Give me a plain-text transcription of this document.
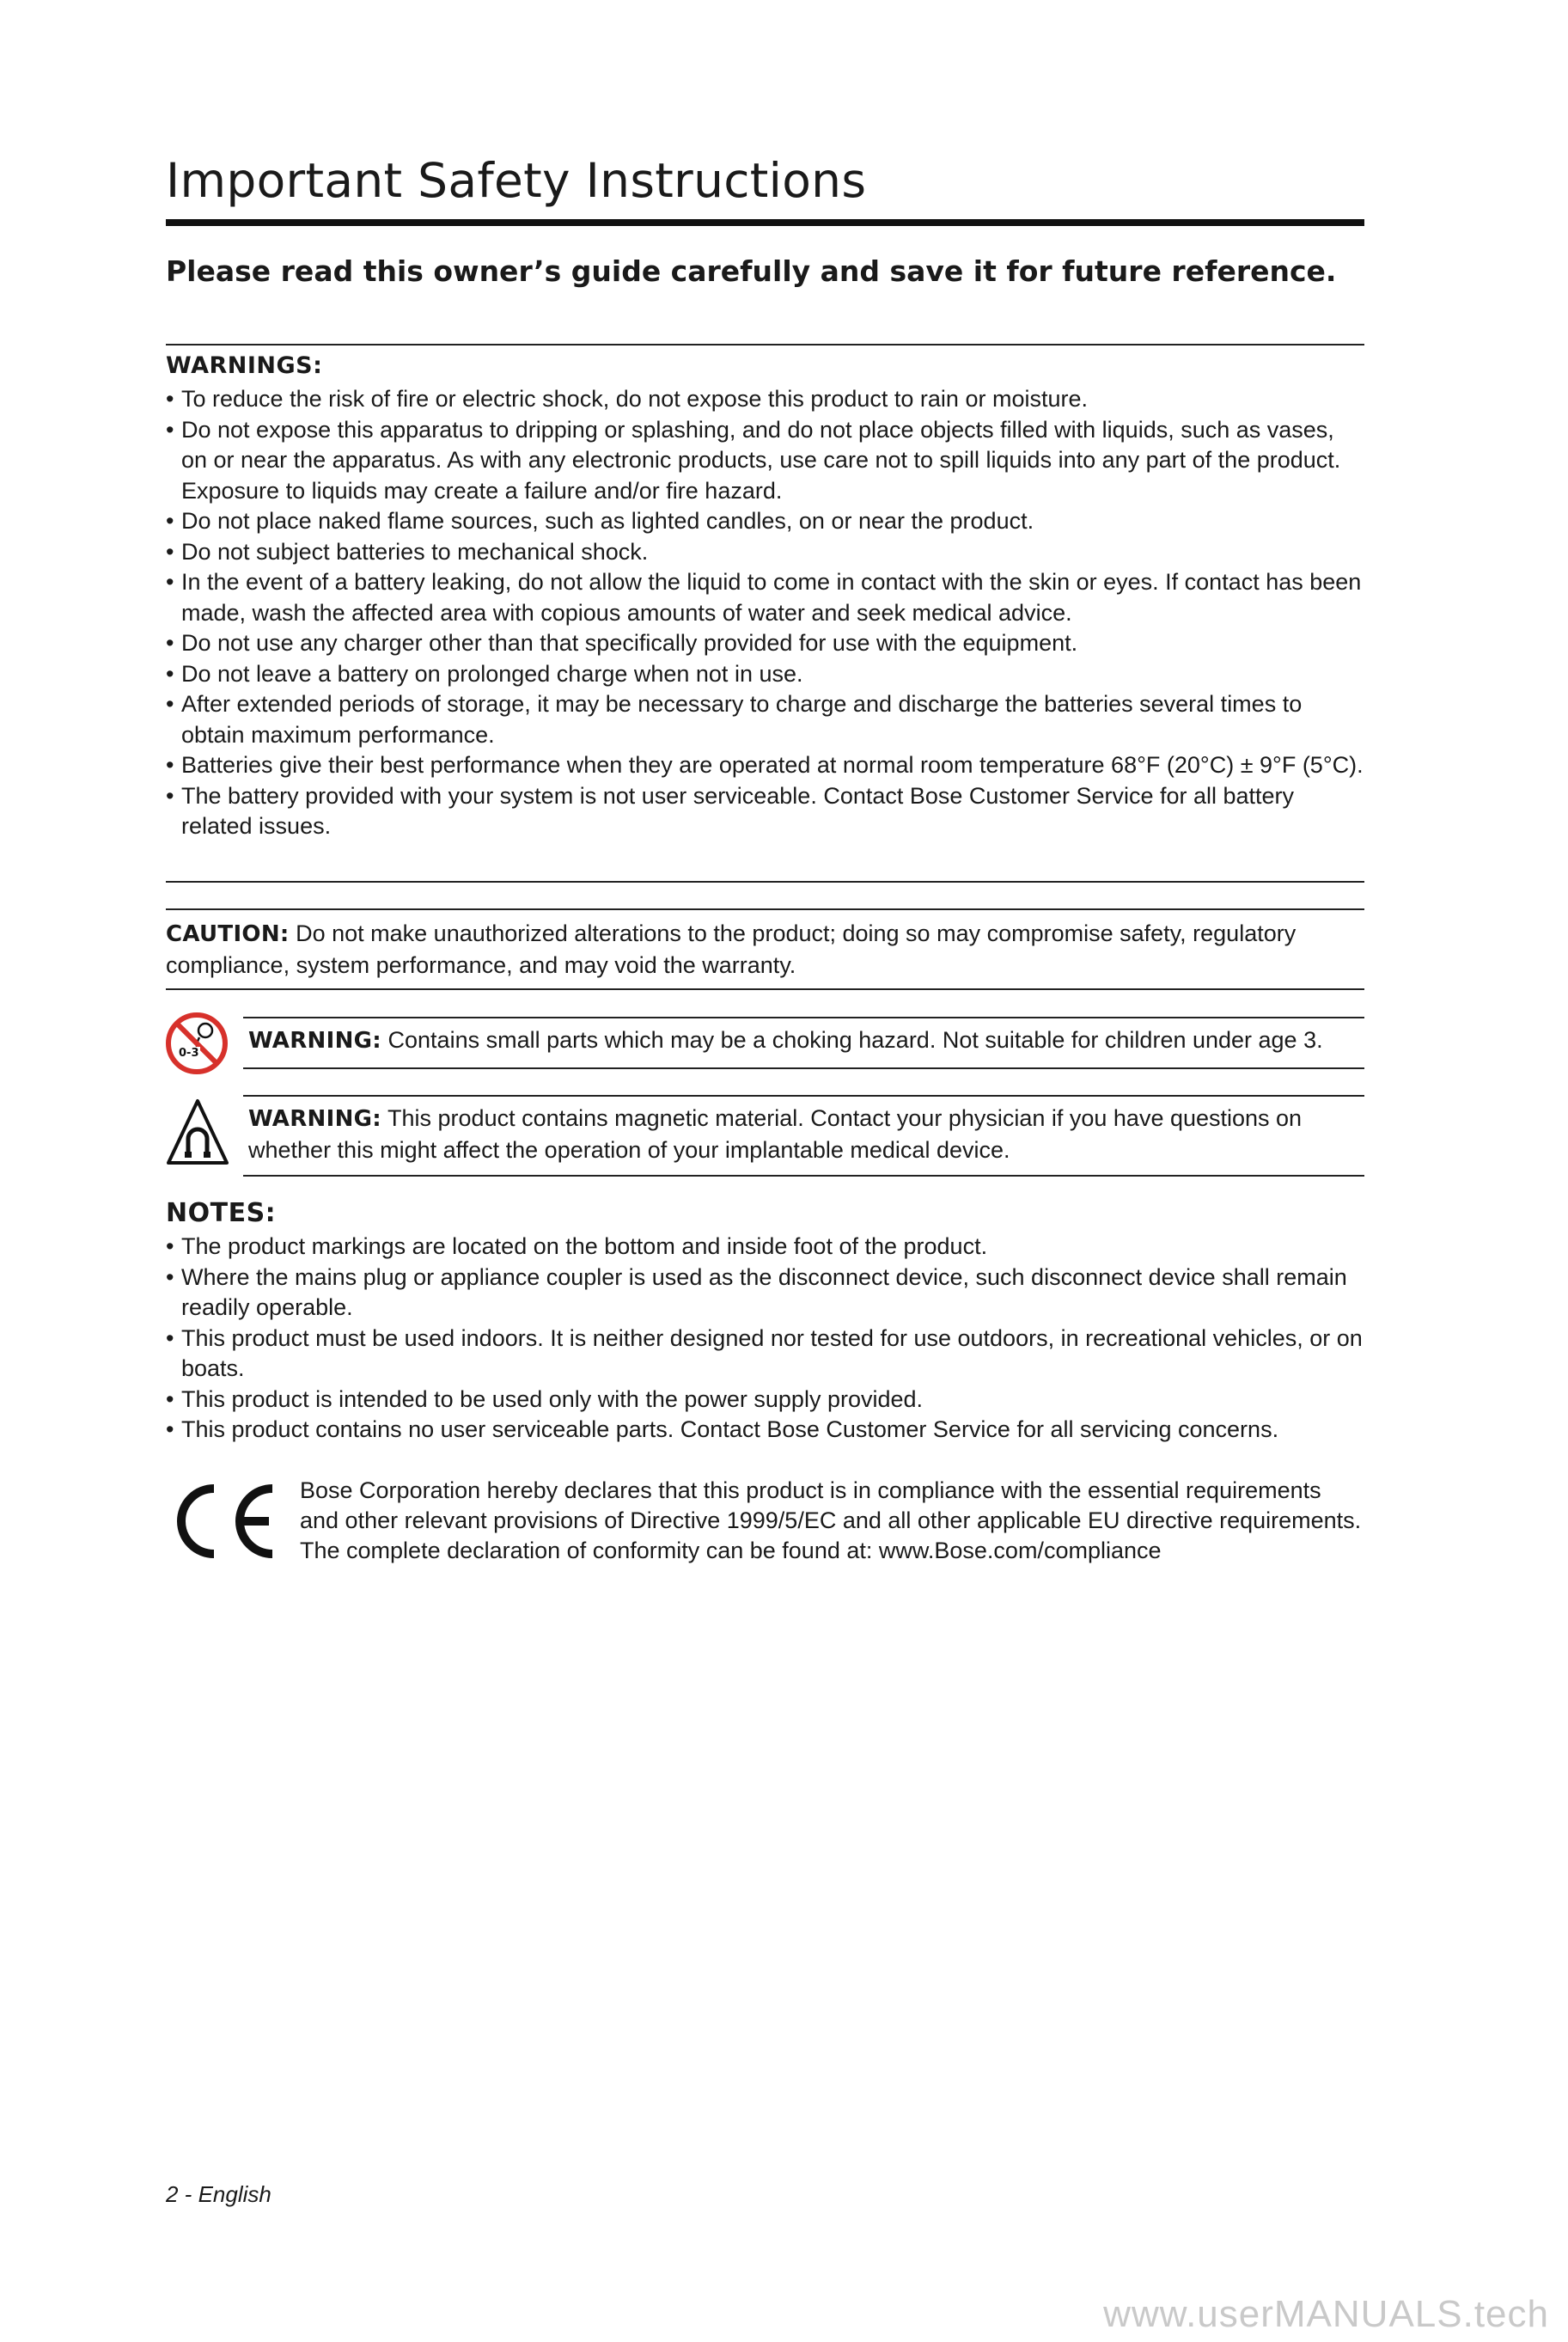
Important Safety Instructions
Please read this owner’s guide carefully and save it for future reference.
WARNINGS:
• To reduce the risk of fire or electric shock, do not expose this product to rain or moisture.
• Do not expose this apparatus to dripping or splashing, and do not place objects filled with liquids, such as vases, on or near the apparatus. As with any electronic products, use care not to spill liquids into any part of the product. Exposure to liquids may create a failure and/or fire hazard.
• Do not place naked flame sources, such as lighted candles, on or near the product.
• Do not subject batteries to mechanical shock.
• In the event of a battery leaking, do not allow the liquid to come in contact with the skin or eyes. If contact has been made, wash the affected area with copious amounts of water and seek medical advice.
• Do not use any charger other than that specifically provided for use with the equipment.
• Do not leave a battery on prolonged charge when not in use.
• After extended periods of storage, it may be necessary to charge and discharge the batteries several times to obtain maximum performance.
• Batteries give their best performance when they are operated at normal room temperature 68°F (20°C) ± 9°F (5°C).
• The battery provided with your system is not user serviceable. Contact Bose Customer Service for all battery related issues.
CAUTION: Do not make unauthorized alterations to the product; doing so may compromise safety, regulatory compliance, system performance, and may void the warranty.
0-3 WARNING: Contains small parts which may be a choking hazard. Not suitable for children under age 3.
WARNING: This product contains magnetic material. Contact your physician if you have questions on whether this might affect the operation of your implantable medical device.
NOTES:
• The product markings are located on the bottom and inside foot of the product.
• Where the mains plug or appliance coupler is used as the disconnect device, such disconnect device shall remain readily operable.
• This product must be used indoors. It is neither designed nor tested for use outdoors, in recreational vehicles, or on boats.
• This product is intended to be used only with the power supply provided.
• This product contains no user serviceable parts. Contact Bose Customer Service for all servicing concerns.
Bose Corporation hereby declares that this product is in compliance with the essential requirements and other relevant provisions of Directive 1999/5/EC and all other applicable EU directive requirements. The complete declaration of conformity can be found at: www.Bose.com/compliance
2 - English
www.userMANUALS.tech
